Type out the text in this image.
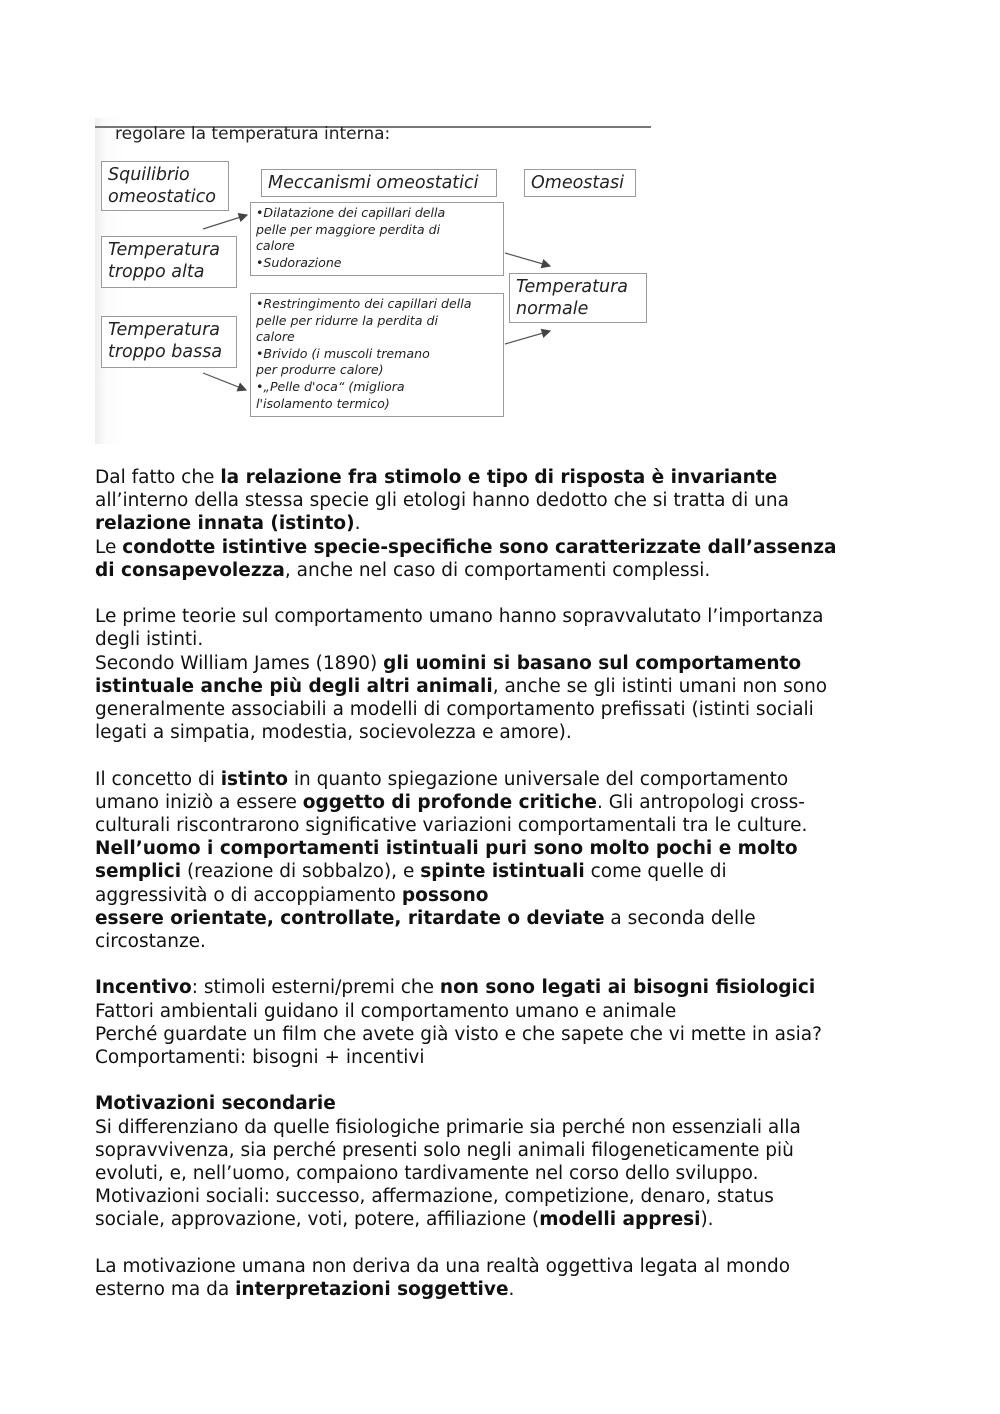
regolare la temperatura interna:
Squilibrio
omeostatico
Meccanismi omeostatici	Omeostasi

•Dilatazione dei capillari della

pelle per maggiore perdita di

calore

•Sudorazione

Temperatura
troppo alta
Temperatura
normale

•Restringimento dei capillari della

pelle per ridurre la perdita di

calore

•Brivido (i muscoli tremano

per produrre calore)

•„Pelle d'oca“ (migliora

l'isolamento termico)

Temperatura
troppo bassa

Dal fatto che la relazione fra stimolo e tipo di risposta è invariante

all’interno della stessa specie gli etologi hanno dedotto che si tratta di una

relazione innata (istinto).

Le condotte istintive specie-specifiche sono caratterizzate dall’assenza

di consapevolezza, anche nel caso di comportamenti complessi.

Le prime teorie sul comportamento umano hanno sopravvalutato l’importanza

degli istinti.

Secondo William James (1890) gli uomini si basano sul comportamento

istintuale anche più degli altri animali, anche se gli istinti umani non sono

generalmente associabili a modelli di comportamento prefissati (istinti sociali

legati a simpatia, modestia, socievolezza e amore).

Il concetto di istinto in quanto spiegazione universale del comportamento

umano iniziò a essere oggetto di profonde critiche. Gli antropologi cross-

culturali riscontrarono significative variazioni comportamentali tra le culture.

Nell’uomo i comportamenti istintuali puri sono molto pochi e molto

semplici (reazione di sobbalzo), e spinte istintuali come quelle di

aggressività o di accoppiamento possono

essere orientate, controllate, ritardate o deviate a seconda delle

circostanze.

Incentivo: stimoli esterni/premi che non sono legati ai bisogni fisiologici

Fattori ambientali guidano il comportamento umano e animale

Perché guardate un film che avete già visto e che sapete che vi mette in asia?

Comportamenti: bisogni + incentivi

Motivazioni secondarie

Si differenziano da quelle fisiologiche primarie sia perché non essenziali alla

sopravvivenza, sia perché presenti solo negli animali filogeneticamente più

evoluti, e, nell’uomo, compaiono tardivamente nel corso dello sviluppo.

Motivazioni sociali: successo, affermazione, competizione, denaro, status

sociale, approvazione, voti, potere, affiliazione (modelli appresi).

La motivazione umana non deriva da una realtà oggettiva legata al mondo

esterno ma da interpretazioni soggettive.
